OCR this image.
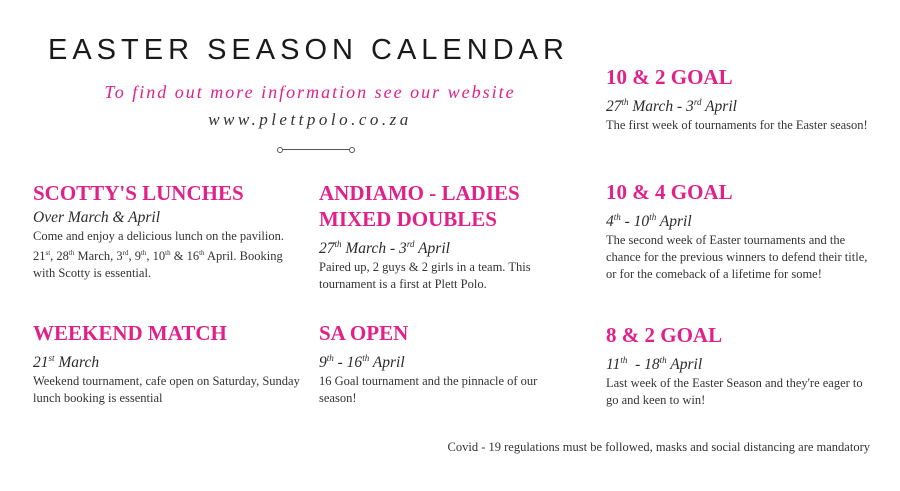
EASTER SEASON CALENDAR
To find out more information see our website
www.plettpolo.co.za
10 & 2 GOAL
27th March - 3rd April
The first week of tournaments for the Easter season!
10 & 4 GOAL
4th - 10th April
The second week of Easter tournaments and the chance for the previous winners to defend their title, or for the comeback of a lifetime for some!
8 & 2 GOAL
11th  - 18th April
Last week of the Easter Season and they're eager to go and keen to win!
SCOTTY'S LUNCHES
Over March & April
Come and enjoy a delicious lunch on the pavilion. 21st, 28th March, 3rd, 9th, 10th & 16th April. Booking with Scotty is essential.
WEEKEND MATCH
21st March
Weekend tournament, cafe open on Saturday, Sunday lunch booking is essential
ANDIAMO - LADIES MIXED DOUBLES
27th March - 3rd April
Paired up, 2 guys & 2 girls in a team. This tournament is a first at Plett Polo.
SA OPEN
9th - 16th April
16 Goal tournament and the pinnacle of our season!
Covid - 19 regulations must be followed, masks and social distancing are mandatory
